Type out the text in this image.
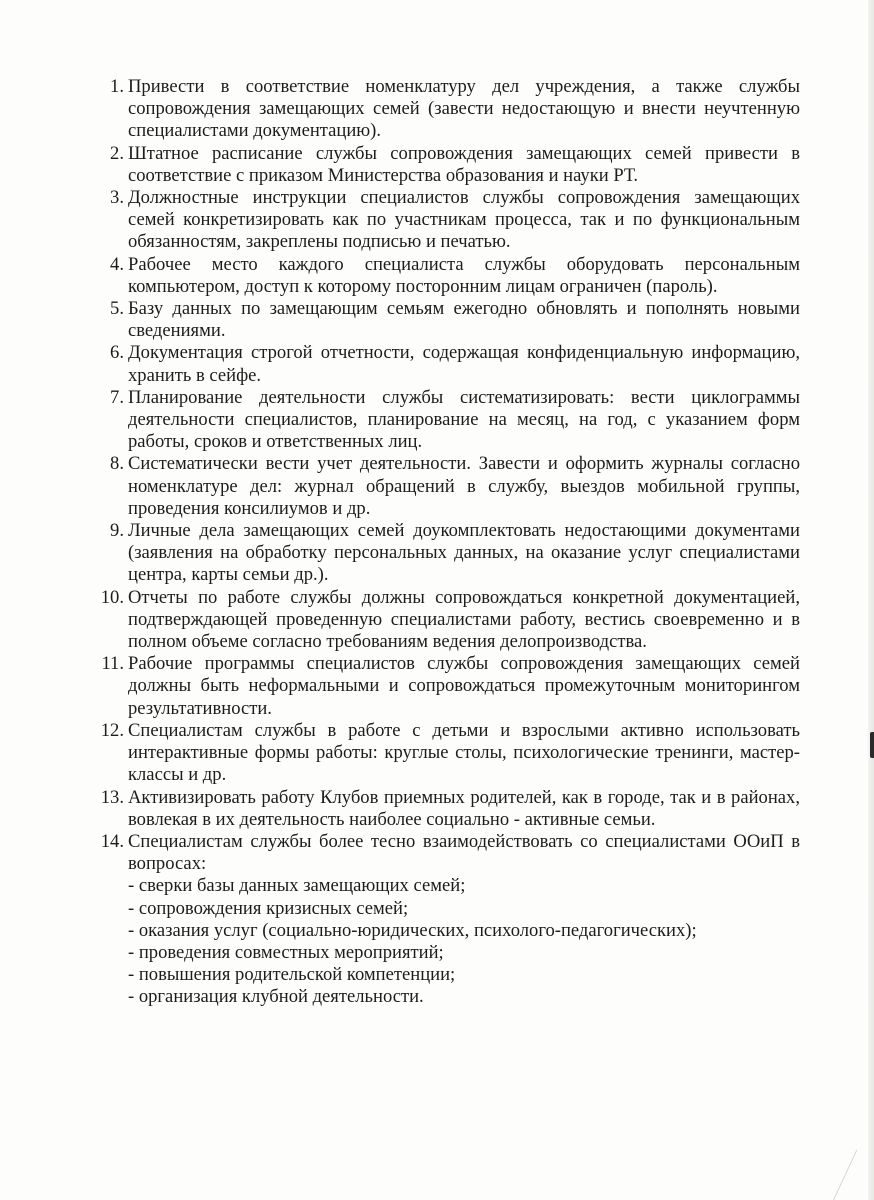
1. Привести в соответствие номенклатуру дел учреждения, а также службы сопровождения замещающих семей (завести недостающую и внести неучтенную специалистами документацию).
2. Штатное расписание службы сопровождения замещающих семей привести в соответствие с приказом Министерства образования и науки РТ.
3. Должностные инструкции специалистов службы сопровождения замещающих семей конкретизировать как по участникам процесса, так и по функциональным обязанностям, закреплены подписью и печатью.
4. Рабочее место каждого специалиста службы оборудовать персональным компьютером, доступ к которому посторонним лицам ограничен (пароль).
5. Базу данных по замещающим семьям ежегодно обновлять и пополнять новыми сведениями.
6. Документация строгой отчетности, содержащая конфиденциальную информацию, хранить в сейфе.
7. Планирование деятельности службы систематизировать: вести циклограммы деятельности специалистов, планирование на месяц, на год, с указанием форм работы, сроков и ответственных лиц.
8. Систематически вести учет деятельности. Завести и оформить журналы согласно номенклатуре дел: журнал обращений в службу, выездов мобильной группы, проведения консилиумов и др.
9. Личные дела замещающих семей доукомплектовать недостающими документами (заявления на обработку персональных данных, на оказание услуг специалистами центра, карты семьи др.).
10. Отчеты по работе службы должны сопровождаться конкретной документацией, подтверждающей проведенную специалистами работу, вестись своевременно и в полном объеме согласно требованиям ведения делопроизводства.
11. Рабочие программы специалистов службы сопровождения замещающих семей должны быть неформальными и сопровождаться промежуточным мониторингом результативности.
12. Специалистам службы в работе с детьми и взрослыми активно использовать интерактивные формы работы: круглые столы, психологические тренинги, мастер-классы и др.
13. Активизировать работу Клубов приемных родителей, как в городе, так и в районах, вовлекая в их деятельность наиболее социально - активные семьи.
14. Специалистам службы более тесно взаимодействовать со специалистами ООиП в вопросах:
- сверки базы данных замещающих семей;
- сопровождения кризисных семей;
- оказания услуг (социально-юридических, психолого-педагогических);
- проведения совместных мероприятий;
- повышения родительской компетенции;
- организация клубной деятельности.
